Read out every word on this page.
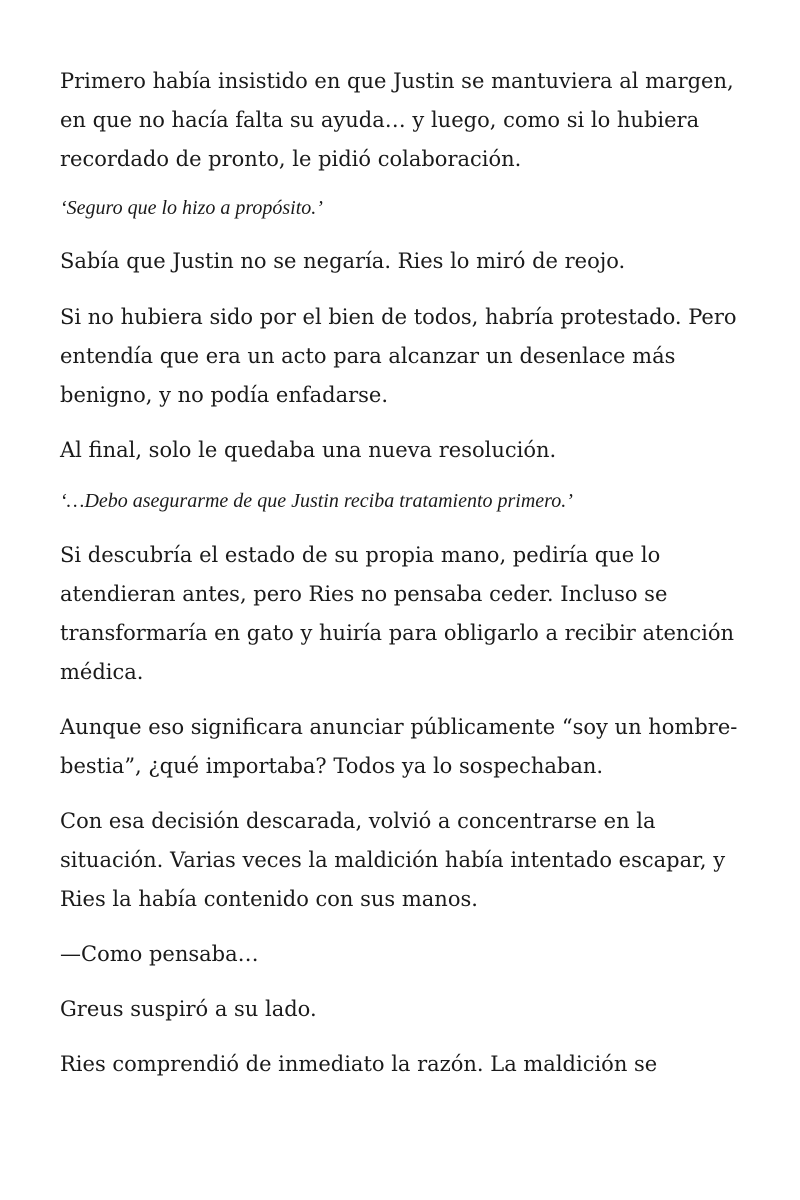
Primero había insistido en que Justin se mantuviera al margen, en que no hacía falta su ayuda… y luego, como si lo hubiera recordado de pronto, le pidió colaboración.

‘Seguro que lo hizo a propósito.’

Sabía que Justin no se negaría. Ries lo miró de reojo.

Si no hubiera sido por el bien de todos, habría protestado. Pero entendía que era un acto para alcanzar un desenlace más benigno, y no podía enfadarse.

Al final, solo le quedaba una nueva resolución.

‘…Debo asegurarme de que Justin reciba tratamiento primero.’

Si descubría el estado de su propia mano, pediría que lo atendieran antes, pero Ries no pensaba ceder. Incluso se transformaría en gato y huiría para obligarlo a recibir atención médica.

Aunque eso significara anunciar públicamente “soy un hombre-bestia”, ¿qué importaba? Todos ya lo sospechaban.

Con esa decisión descarada, volvió a concentrarse en la situación. Varias veces la maldición había intentado escapar, y Ries la había contenido con sus manos.

—Como pensaba…

Greus suspiró a su lado.

Ries comprendió de inmediato la razón. La maldición se
